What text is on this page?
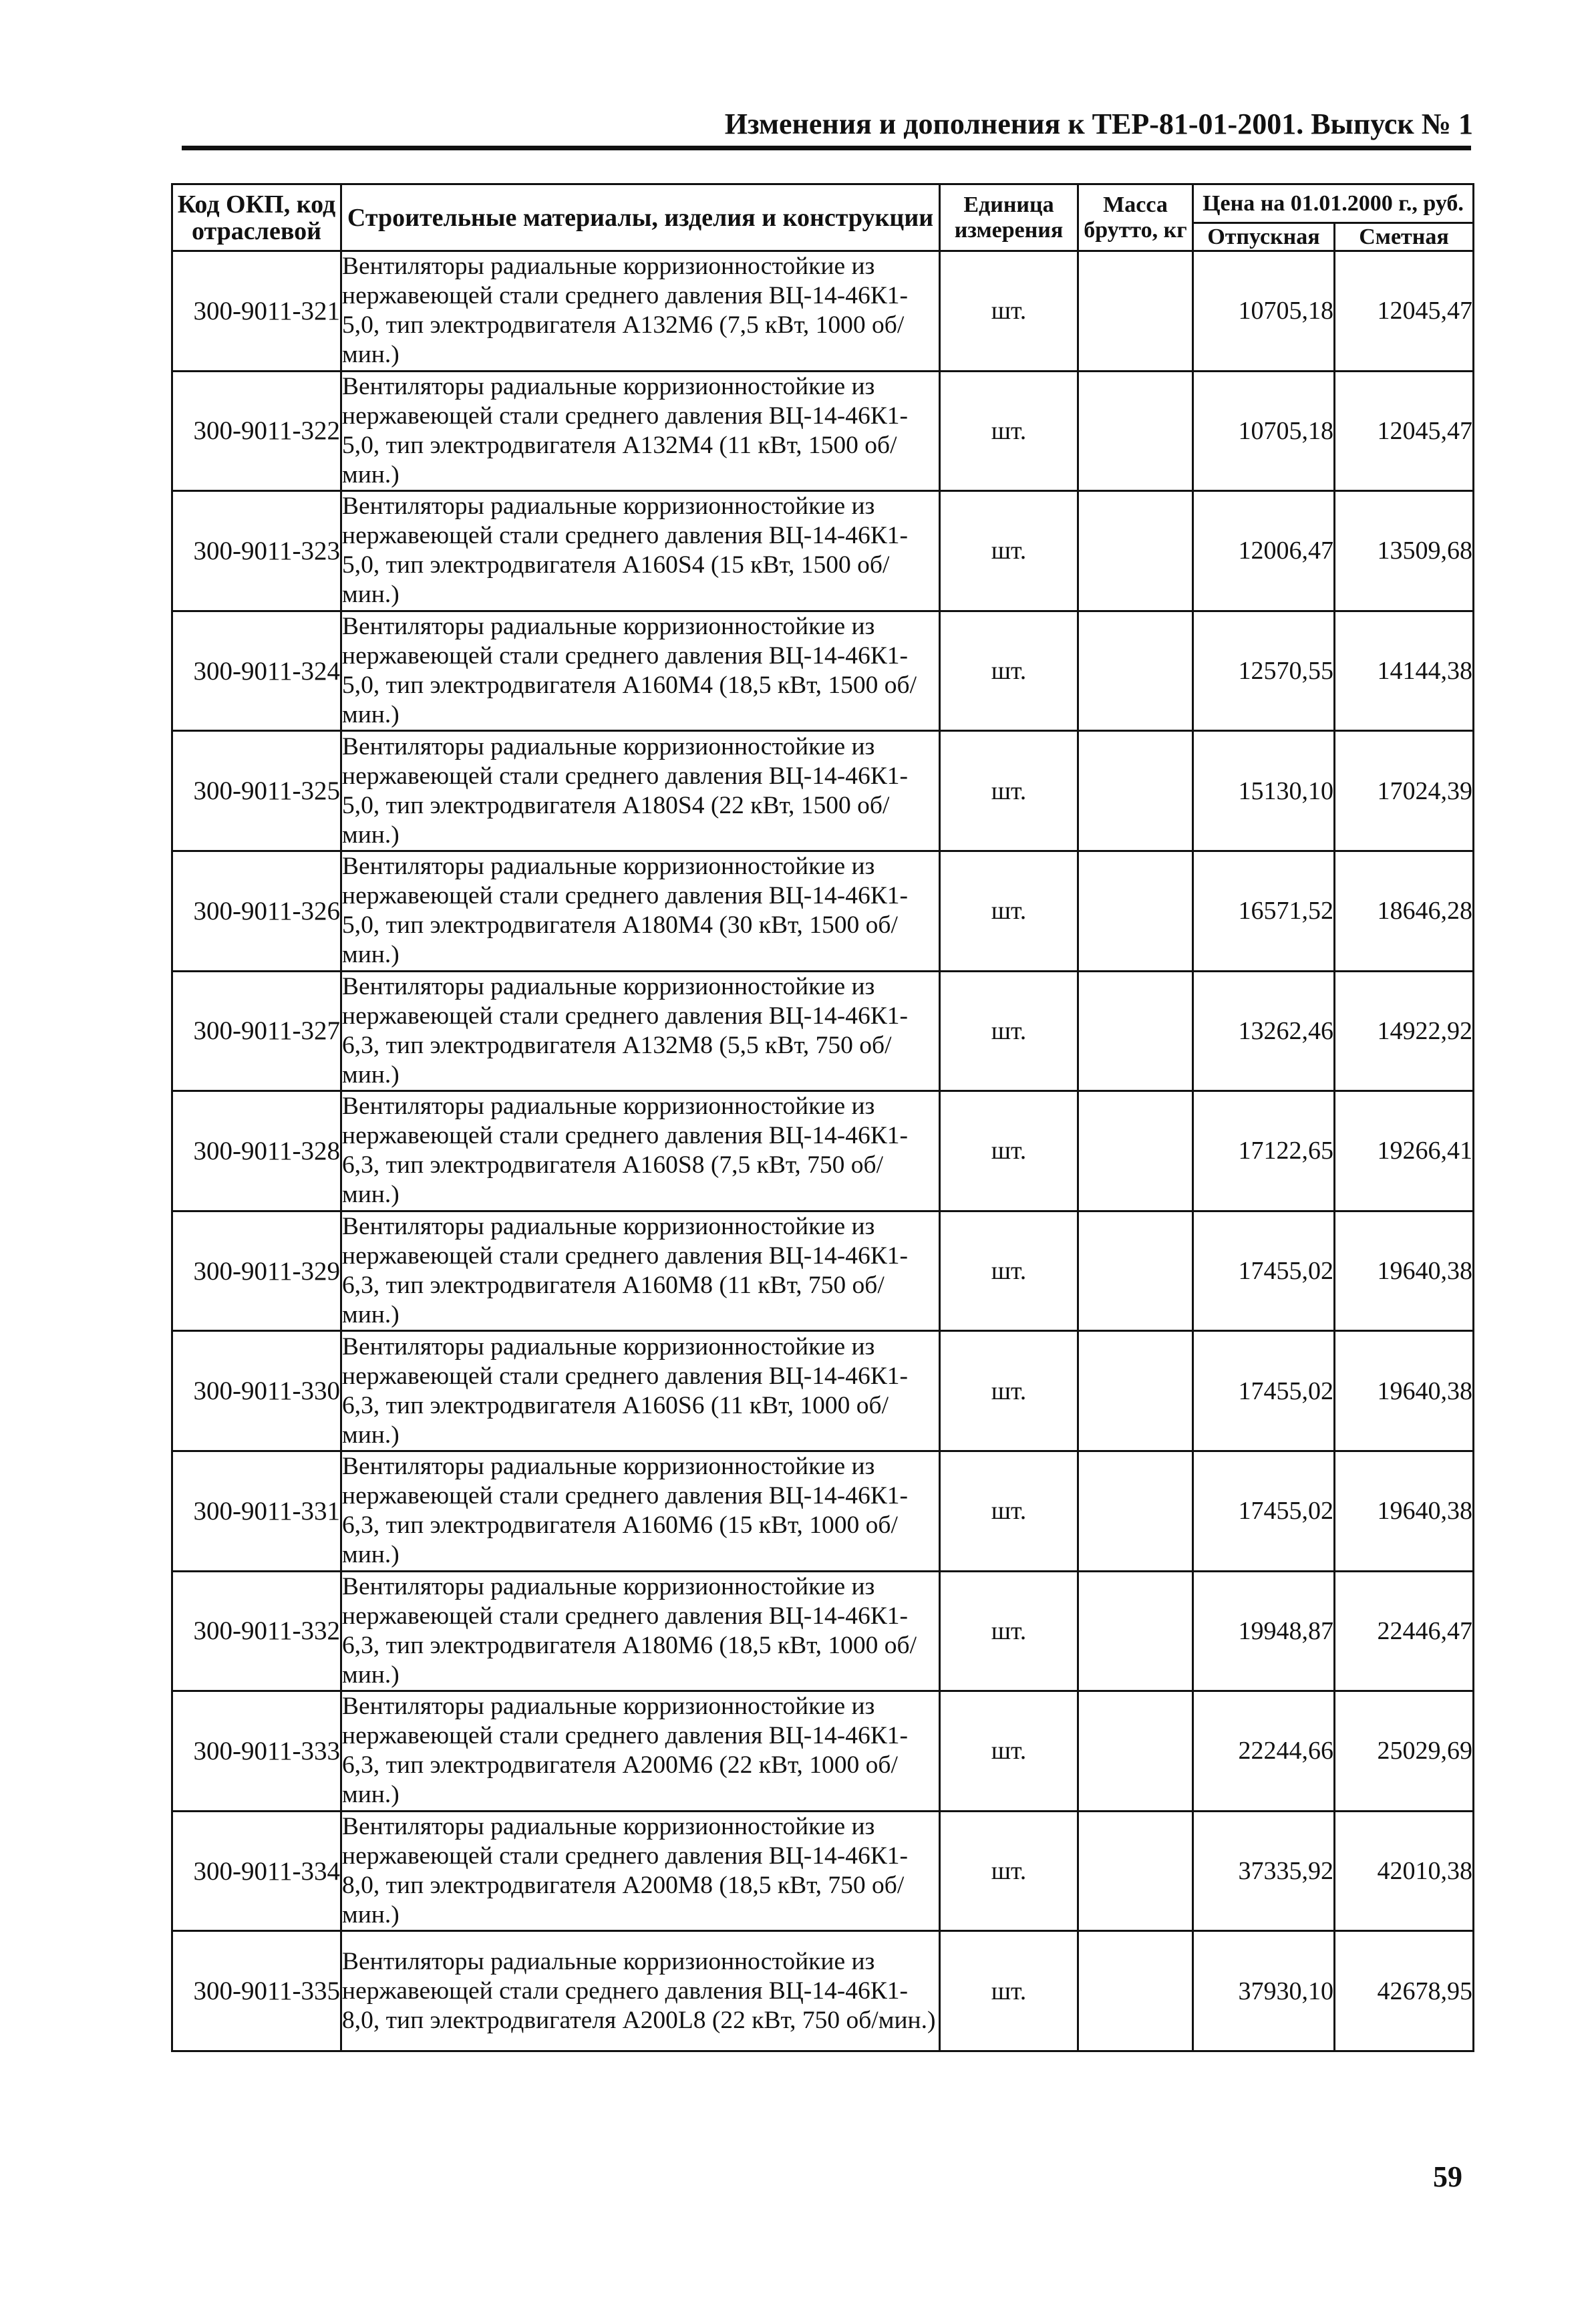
Изменения и дополнения к ТЕР-81-01-2001. Выпуск № 1
Код ОКП, код отраслевой	Строительные материалы, изделия и конструкции	Единица измерения	Масса брутто, кг	Цена на 01.01.2000 г., руб.	
				Отпускная	Сметная
300-9011-321	Вентиляторы радиальные корризионностойкие из нержавеющей стали среднего давления ВЦ-14-46К1-5,0, тип электродвигателя А132М6 (7,5 кВт, 1000 об/мин.)	шт.		10705,18	12045,47
300-9011-322	Вентиляторы радиальные корризионностойкие из нержавеющей стали среднего давления ВЦ-14-46К1-5,0, тип электродвигателя А132М4 (11 кВт, 1500 об/мин.)	шт.		10705,18	12045,47
300-9011-323	Вентиляторы радиальные корризионностойкие из нержавеющей стали среднего давления ВЦ-14-46К1-5,0, тип электродвигателя А160S4 (15 кВт, 1500 об/мин.)	шт.		12006,47	13509,68
300-9011-324	Вентиляторы радиальные корризионностойкие из нержавеющей стали среднего давления ВЦ-14-46К1-5,0, тип электродвигателя А160М4 (18,5 кВт, 1500 об/мин.)	шт.		12570,55	14144,38
300-9011-325	Вентиляторы радиальные корризионностойкие из нержавеющей стали среднего давления ВЦ-14-46К1-5,0, тип электродвигателя А180S4 (22 кВт, 1500 об/мин.)	шт.		15130,10	17024,39
300-9011-326	Вентиляторы радиальные корризионностойкие из нержавеющей стали среднего давления ВЦ-14-46К1-5,0, тип электродвигателя А180М4 (30 кВт, 1500 об/мин.)	шт.		16571,52	18646,28
300-9011-327	Вентиляторы радиальные корризионностойкие из нержавеющей стали среднего давления ВЦ-14-46К1-6,3, тип электродвигателя А132М8 (5,5 кВт, 750 об/мин.)	шт.		13262,46	14922,92
300-9011-328	Вентиляторы радиальные корризионностойкие из нержавеющей стали среднего давления ВЦ-14-46К1-6,3, тип электродвигателя А160S8 (7,5 кВт, 750 об/мин.)	шт.		17122,65	19266,41
300-9011-329	Вентиляторы радиальные корризионностойкие из нержавеющей стали среднего давления ВЦ-14-46К1-6,3, тип электродвигателя А160М8 (11 кВт, 750 об/мин.)	шт.		17455,02	19640,38
300-9011-330	Вентиляторы радиальные корризионностойкие из нержавеющей стали среднего давления ВЦ-14-46К1-6,3, тип электродвигателя А160S6 (11 кВт, 1000 об/мин.)	шт.		17455,02	19640,38
300-9011-331	Вентиляторы радиальные корризионностойкие из нержавеющей стали среднего давления ВЦ-14-46К1-6,3, тип электродвигателя А160М6 (15 кВт, 1000 об/мин.)	шт.		17455,02	19640,38
300-9011-332	Вентиляторы радиальные корризионностойкие из нержавеющей стали среднего давления ВЦ-14-46К1-6,3, тип электродвигателя А180М6 (18,5 кВт, 1000 об/мин.)	шт.		19948,87	22446,47
300-9011-333	Вентиляторы радиальные корризионностойкие из нержавеющей стали среднего давления ВЦ-14-46К1-6,3, тип электродвигателя А200М6 (22 кВт, 1000 об/мин.)	шт.		22244,66	25029,69
300-9011-334	Вентиляторы радиальные корризионностойкие из нержавеющей стали среднего давления ВЦ-14-46К1-8,0, тип электродвигателя А200М8 (18,5 кВт, 750 об/мин.)	шт.		37335,92	42010,38
300-9011-335	Вентиляторы радиальные корризионностойкие из нержавеющей стали среднего давления ВЦ-14-46К1-8,0, тип электродвигателя А200L8 (22 кВт, 750 об/мин.)	шт.		37930,10	42678,95
59
